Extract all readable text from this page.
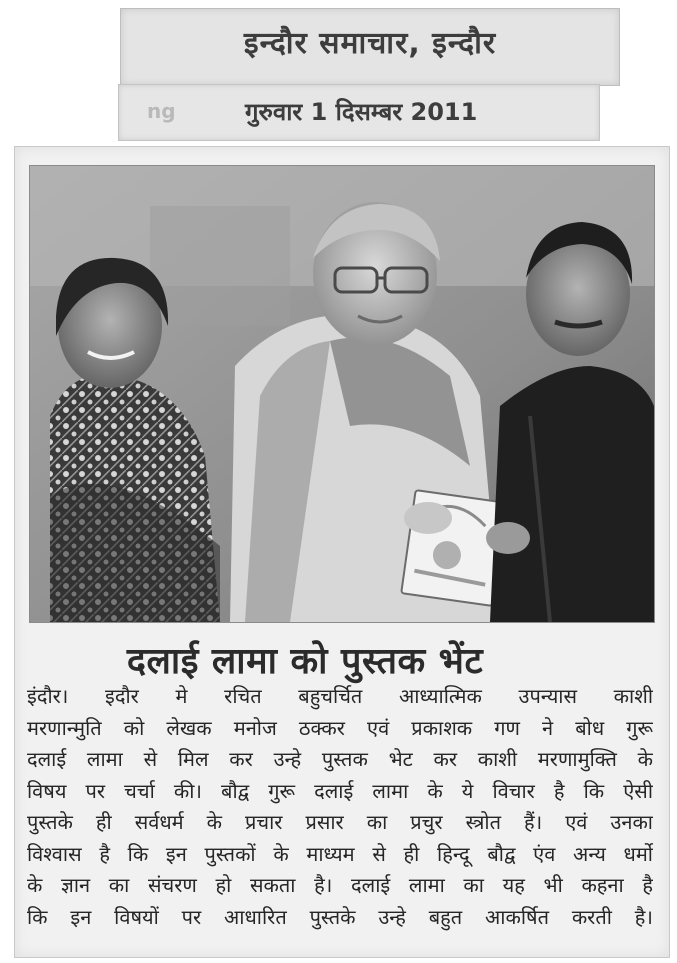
इन्दौर समाचार, इन्दौर
ng	गुरुवार 1 दिसम्बर 2011
दलाई लामा को पुस्तक भेंट
इंदौर। इदौर मे रचित बहुचर्चित आध्यात्मिक उपन्यास काशी
मरणान्मुति को लेखक मनोज ठक्कर एवं प्रकाशक गण ने बोध गुरू
दलाई लामा से मिल कर उन्हे पुस्तक भेट कर काशी मरणामुक्ति के
विषय पर चर्चा की। बौद्व गुरू दलाई लामा के ये विचार है कि ऐसी
पुस्तके ही सर्वधर्म के प्रचार प्रसार का प्रचुर स्त्रोत हैं। एवं उनका
विश्वास है कि इन पुस्तकों के माध्यम से ही हिन्दू बौद्व एंव अन्य धर्मो
के ज्ञान का संचरण हो सकता है। दलाई लामा का यह भी कहना है
कि इन विषयों पर आधारित पुस्तके उन्हे बहुत आकर्षित करती है।
